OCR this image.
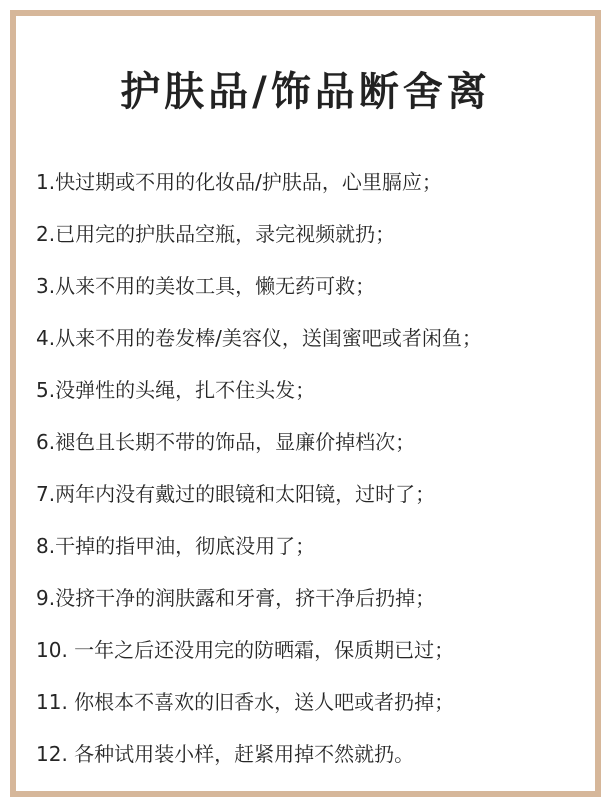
护肤品/饰品断舍离
1.快过期或不用的化妆品/护肤品，心里膈应；
2.已用完的护肤品空瓶，录完视频就扔；
3.从来不用的美妆工具，懒无药可救；
4.从来不用的卷发棒/美容仪，送闺蜜吧或者闲鱼；
5.没弹性的头绳，扎不住头发；
6.褪色且长期不带的饰品，显廉价掉档次；
7.两年内没有戴过的眼镜和太阳镜，过时了；
8.干掉的指甲油，彻底没用了；
9.没挤干净的润肤露和牙膏，挤干净后扔掉；
10. 一年之后还没用完的防晒霜，保质期已过；
11. 你根本不喜欢的旧香水，送人吧或者扔掉；
12. 各种试用装小样，赶紧用掉不然就扔。
